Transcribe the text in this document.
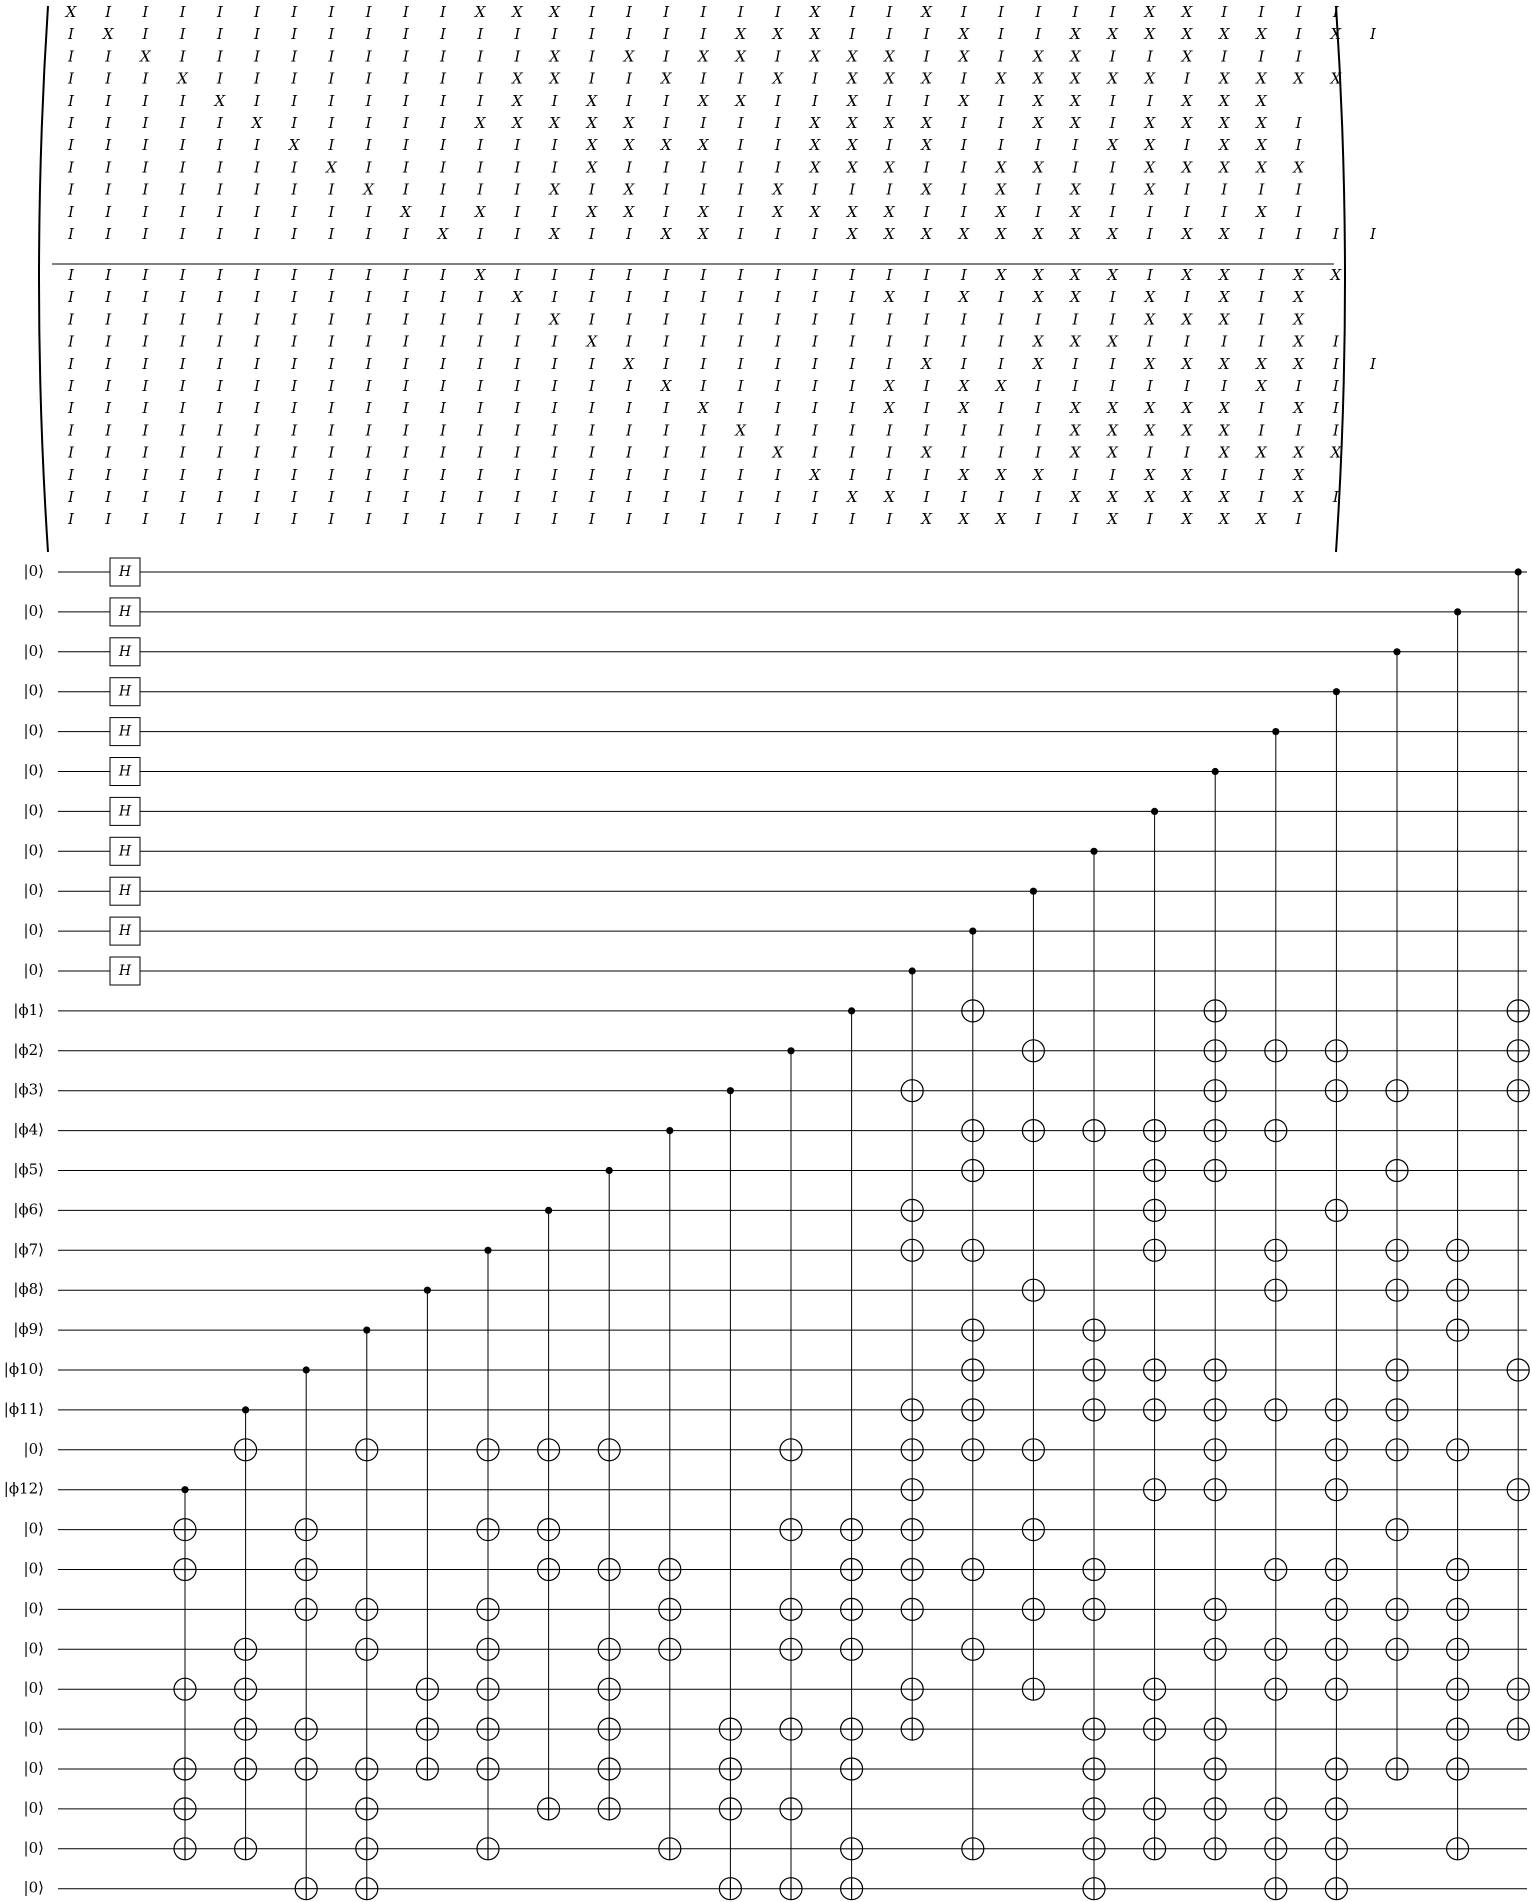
X I I I I I I I I I I X X X I I I I I I X I I X I I I I I X X I I I I
I X I I I I I I I I I I I I I I I I X X X I I I X I I X X X X X X I X I
I I X I I I I I I I I I I X I X I X X I X X X I X I X X I I X I I I
I I I X I I I I I I I I X X I I X I I X I X X X I X X X X X I X X X X
I I I I X I I I I I I I X I X I I X X I I X I I X I X X I I X X X
I I I I I X I I I I I X X X X X I I I I X X X X I I X X I X X X X I
I I I I I I X I I I I I I I X X X X I I X X I X I I I I X X I X X I
I I I I I I I X I I I I I I X I I I I I X X X I I X X I I X X X X X
I I I I I I I I X I I I I X I X I I I X I I I X I X I X I X I I I I
I I I I I I I I I X I X I I X X I X I X X X X I I X I X I I I I X I
I I I I I I I I I I X I I X I I X X I I I X X X X X X X X I X X I I I I
I I I I I I I I I I I X I I I I I I I I I I I I I X X X X I X X I X X
I I I I I I I I I I I I X I I I I I I I I I X I X I X X I X I X I X
I I I I I I I I I I I I I X I I I I I I I I I I I I I I I X X X I X
I I I I I I I I I I I I I I X I I I I I I I I I I I X X X I I I I X I
I I I I I I I I I I I I I I I X I I I I I I I X I I X I I X X X X X I I
I I I I I I I I I I I I I I I I X I I I I I X I X X I I I I I I X I I
I I I I I I I I I I I I I I I I I X I I I I X I X I I X X X X X I X I
I I I I I I I I I I I I I I I I I I X I I I I I I I I X X X X X I I I
I I I I I I I I I I I I I I I I I I I X I I I X I I I X X I I X X X X
I I I I I I I I I I I I I I I I I I I I X I I I X X X I I X X I I X
I I I I I I I I I I I I I I I I I I I I I X X I I I I X X X X X I X I
I I I I I I I I I I I I I I I I I I I I I I I X X X I I X I X X X I
|0⟩
|0⟩
|0⟩
|0⟩
|0⟩
|0⟩
|0⟩
|0⟩
|0⟩
|0⟩
|0⟩
|ϕ1⟩
|ϕ2⟩
|ϕ3⟩
|ϕ4⟩
|ϕ5⟩
|ϕ6⟩
|ϕ7⟩
|ϕ8⟩
|ϕ9⟩
|ϕ10⟩
|ϕ11⟩
|0⟩
|ϕ12⟩
|0⟩
|0⟩
|0⟩
|0⟩
|0⟩
|0⟩
|0⟩
|0⟩
|0⟩
|0⟩
H
H
H
H
H
H
H
H
H
H
H
